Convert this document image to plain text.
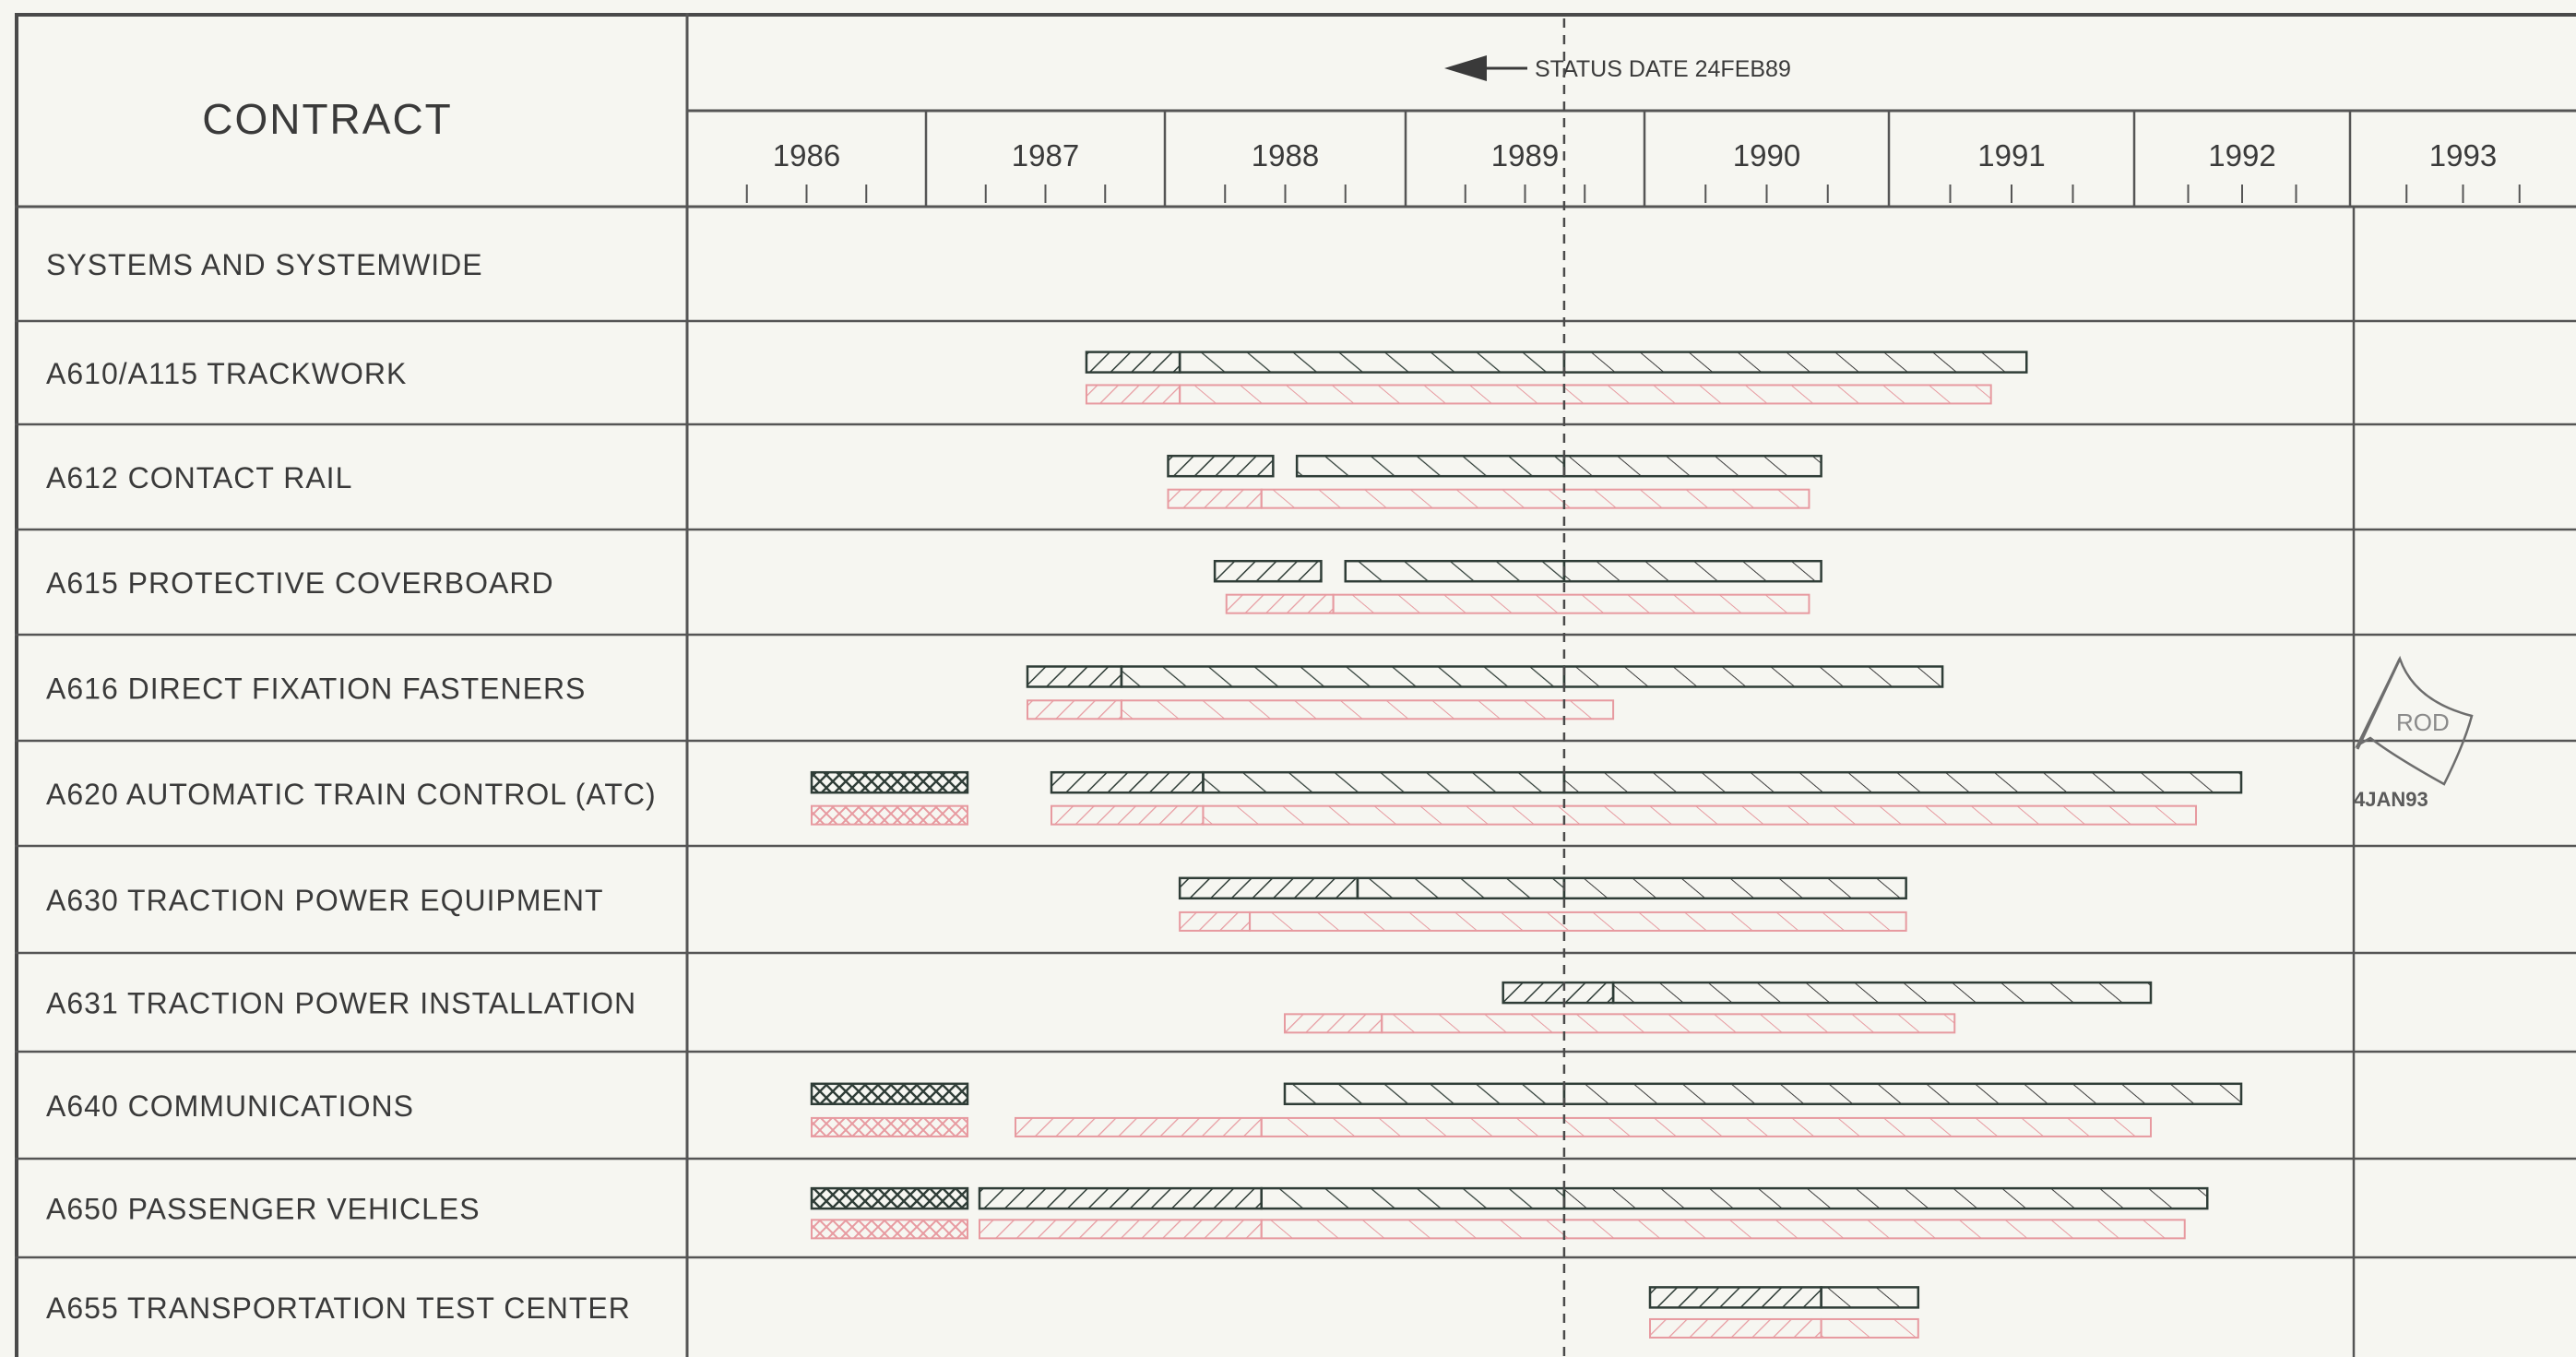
CONTRACT
STATUS DATE 24FEB89
SYSTEMS AND SYSTEMWIDE
A610/A115 TRACKWORK
A612 CONTACT RAIL
A615 PROTECTIVE COVERBOARD
A616 DIRECT FIXATION FASTENERS
A620 AUTOMATIC TRAIN CONTROL (ATC)
A630 TRACTION POWER EQUIPMENT
A631 TRACTION POWER INSTALLATION
A640 COMMUNICATIONS
A650 PASSENGER VEHICLES
A655 TRANSPORTATION TEST CENTER
1986	1987	1988	1989	1990	1991	1992	1993
ROD
4JAN93
